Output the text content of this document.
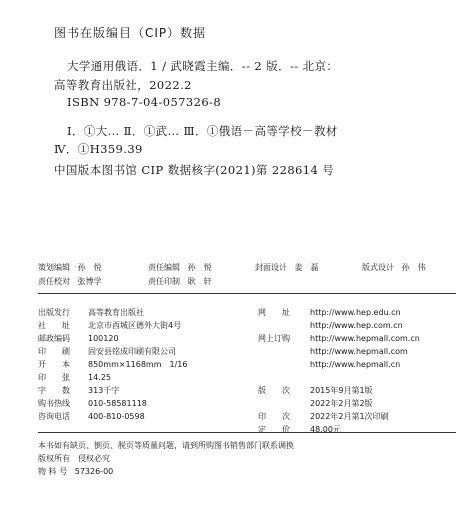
图书在版编目（CIP）数据
大学通用俄语．1 / 武晓霞主编．-- 2 版．-- 北京：
高等教育出版社，2022.2
ISBN 978-7-04-057326-8
Ⅰ．①大… Ⅱ．①武… Ⅲ．①俄语－高等学校－教材
Ⅳ．①H359.39
中国版本图书馆 CIP 数据核字(2021)第 228614 号
策划编辑 孙　悦	责任编辑 孙　悦	封面设计 姜　磊	版式设计 孙　伟
责任校对 张博学	责任印制 耿　轩
出版发行 高等教育出版社
社　　址 北京市西城区德外大街4号
邮政编码 100120
印　　刷 固安县铭成印刷有限公司
开　　本 850mm×1168mm　1/16
印　　张 14.25
字　　数 313千字
购书热线 010-58581118
咨询电话 400-810-0598
网　　址	http://www.hep.edu.cn
http://www.hep.com.cn
网上订购	http://www.hepmall.com.cn
http://www.hepmall.com
http://www.hepmall.cn
版　　次	2015年9月第1版
2022年2月第2版
印　　次	2022年2月第1次印刷
定　　价	48.00元
本书如有缺页、倒页、脱页等质量问题，请到所购图书销售部门联系调换
版权所有　侵权必究
物 料 号 57326-00
